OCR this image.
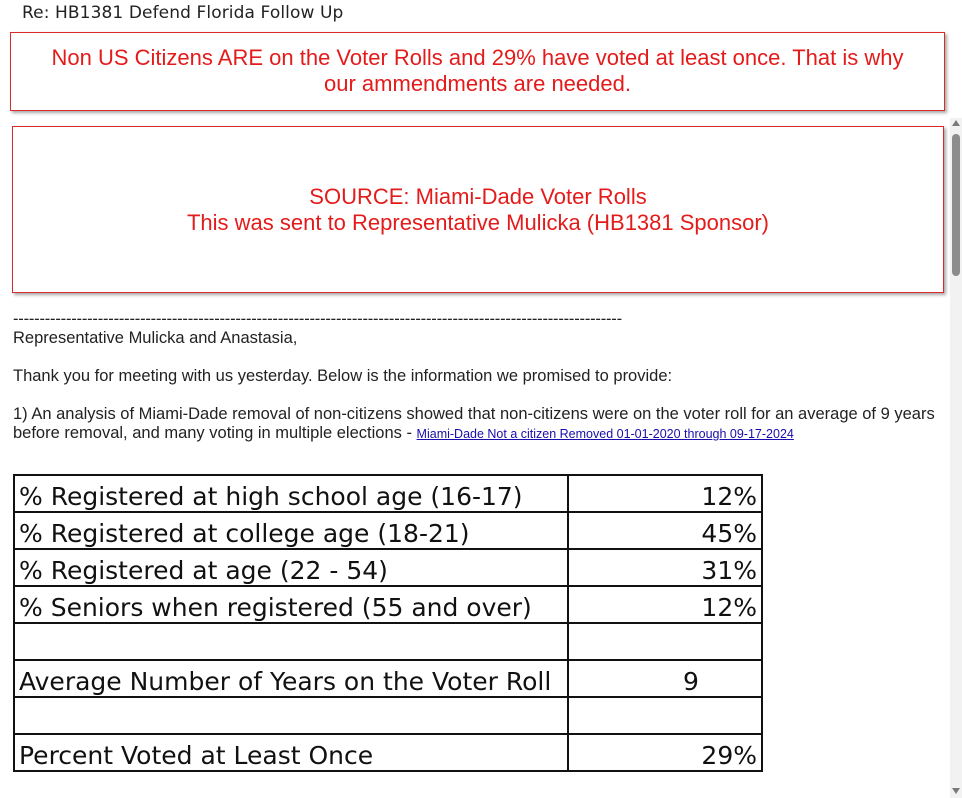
Re: HB1381 Defend Florida Follow Up
Non US Citizens ARE on the Voter Rolls and 29% have voted at least once. That is why
our ammendments are needed.
SOURCE: Miami-Dade Voter Rolls
This was sent to Representative Mulicka (HB1381 Sponsor)

-------------------------------------------------------------------------------------------------------------------

Representative Mulicka and Anastasia,

Thank you for meeting with us yesterday. Below is the information we promised to provide:

1) An analysis of Miami-Dade removal of non-citizens showed that non-citizens were on the voter roll for an average of 9 years before removal, and many voting in multiple elections - Miami-Dade Not a citizen Removed 01-01-2020 through 09-17-2024

% Registered at high school age (16-17)	12%
% Registered at college age (18-21)	45%
% Registered at age (22 - 54)	31%
% Seniors when registered (55 and over)	12%

Average Number of Years on the Voter Roll	9

Percent Voted at Least Once	29%
